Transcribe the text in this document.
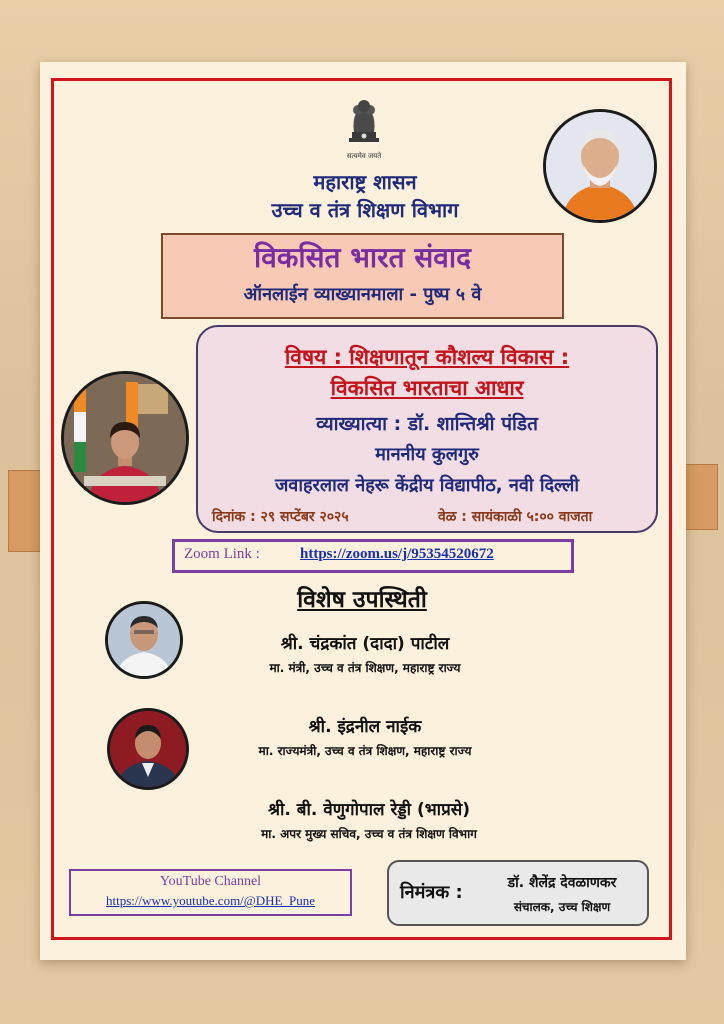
सत्यमेव जयते
महाराष्ट्र शासन
उच्च व तंत्र शिक्षण विभाग
विकसित भारत संवाद
ऑनलाईन व्याख्यानमाला - पुष्प ५ वे
विषय : शिक्षणातून कौशल्य विकास :
विकसित भारताचा आधार
व्याख्यात्या : डॉ. शान्तिश्री पंडित
माननीय कुलगुरु
जवाहरलाल नेहरू केंद्रीय विद्यापीठ, नवी दिल्ली
दिनांक : २९ सप्टेंबर २०२५	वेळ : सायंकाळी ५:०० वाजता
Zoom Link :	https://zoom.us/j/95354520672
विशेष उपस्थिती
श्री. चंद्रकांत (दादा) पाटील
मा. मंत्री, उच्च व तंत्र शिक्षण, महाराष्ट्र राज्य
श्री. इंद्रनील नाईक
मा. राज्यमंत्री, उच्च व तंत्र शिक्षण, महाराष्ट्र राज्य
श्री. बी. वेणुगोपाल रेड्डी (भाप्रसे)
मा. अपर मुख्य सचिव, उच्च व तंत्र शिक्षण विभाग
YouTube Channel
https://www.youtube.com/@DHE_Pune	निमंत्रक :	डॉ. शैलेंद्र देवळाणकर
संचालक, उच्च शिक्षण
